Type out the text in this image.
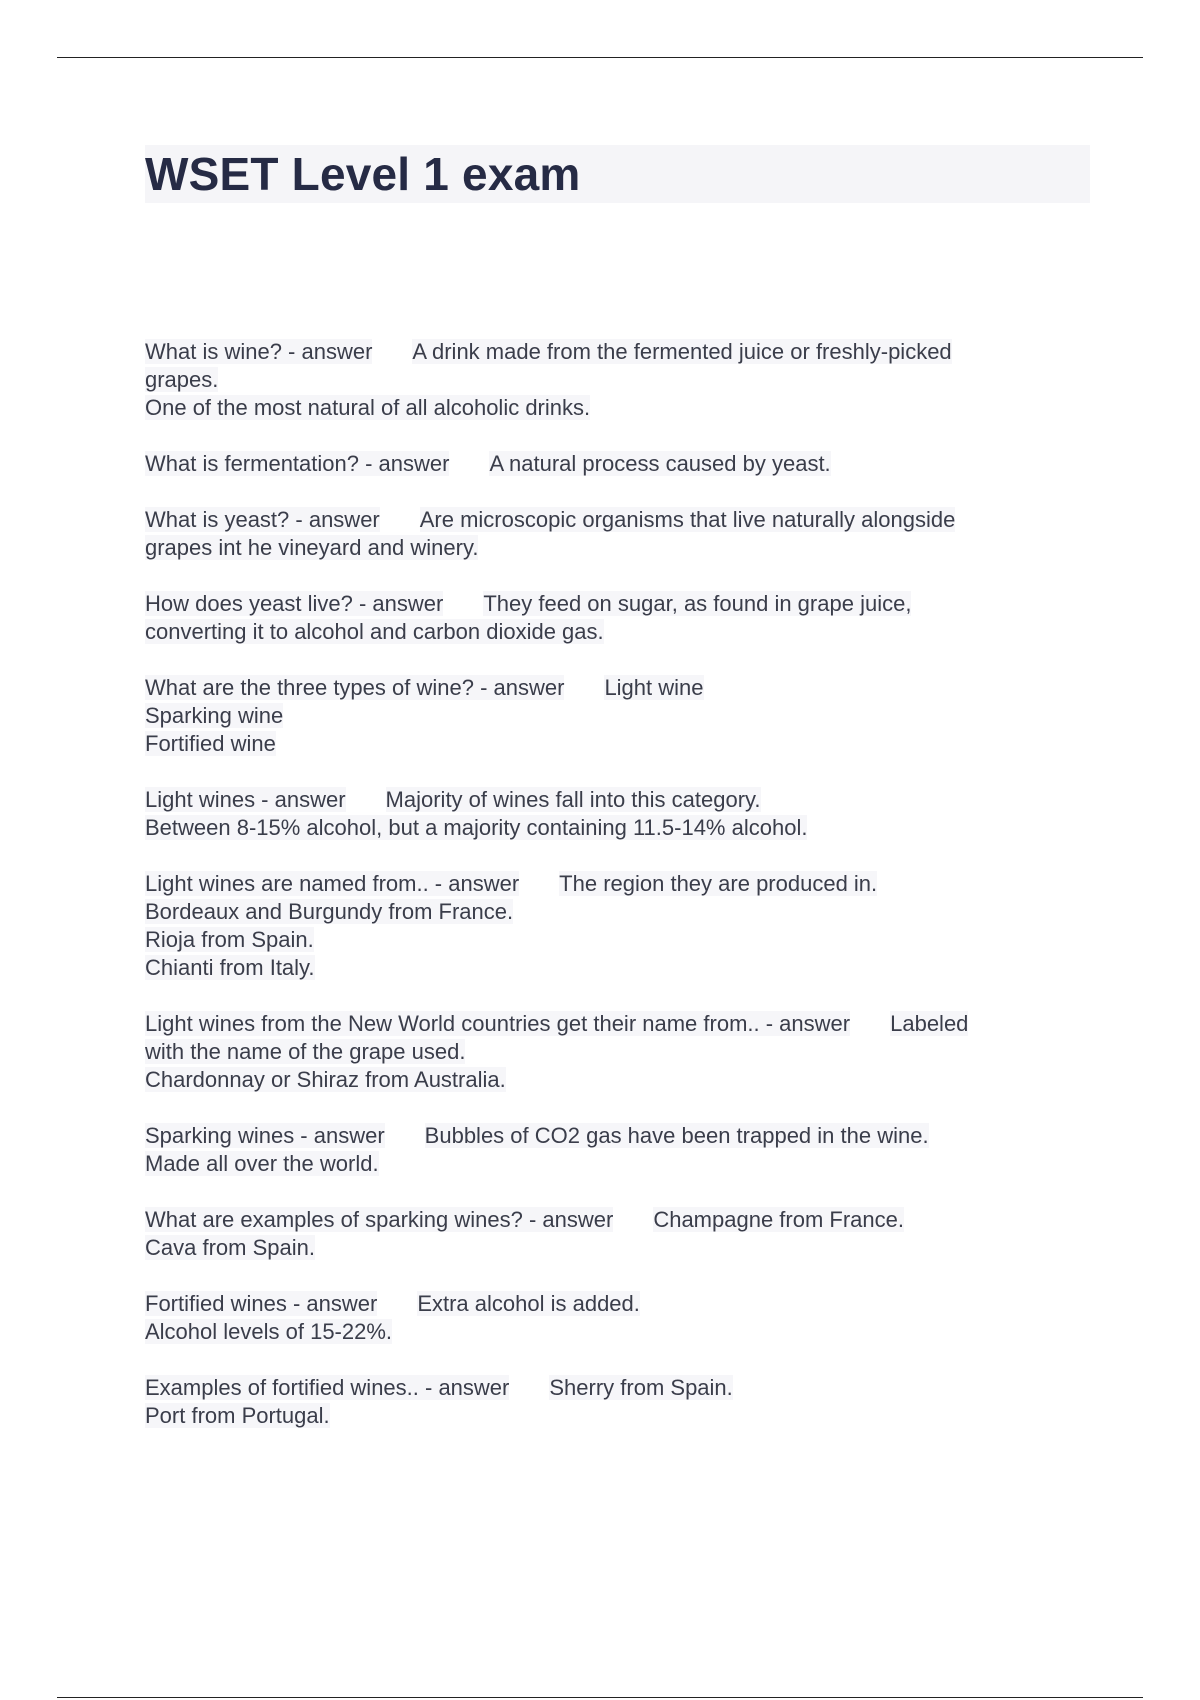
WSET Level 1 exam
What is wine? - answer A drink made from the fermented juice or freshly-picked
grapes.
One of the most natural of all alcoholic drinks.
What is fermentation? - answer A natural process caused by yeast.
What is yeast? - answer Are microscopic organisms that live naturally alongside
grapes int he vineyard and winery.
How does yeast live? - answer They feed on sugar, as found in grape juice,
converting it to alcohol and carbon dioxide gas.
What are the three types of wine? - answer Light wine
Sparking wine
Fortified wine
Light wines - answer Majority of wines fall into this category.
Between 8-15% alcohol, but a majority containing 11.5-14% alcohol.
Light wines are named from.. - answer The region they are produced in.
Bordeaux and Burgundy from France.
Rioja from Spain.
Chianti from Italy.
Light wines from the New World countries get their name from.. - answer Labeled
with the name of the grape used.
Chardonnay or Shiraz from Australia.
Sparking wines - answer Bubbles of CO2 gas have been trapped in the wine.
Made all over the world.
What are examples of sparking wines? - answer Champagne from France.
Cava from Spain.
Fortified wines - answer Extra alcohol is added.
Alcohol levels of 15-22%.
Examples of fortified wines.. - answer Sherry from Spain.
Port from Portugal.
